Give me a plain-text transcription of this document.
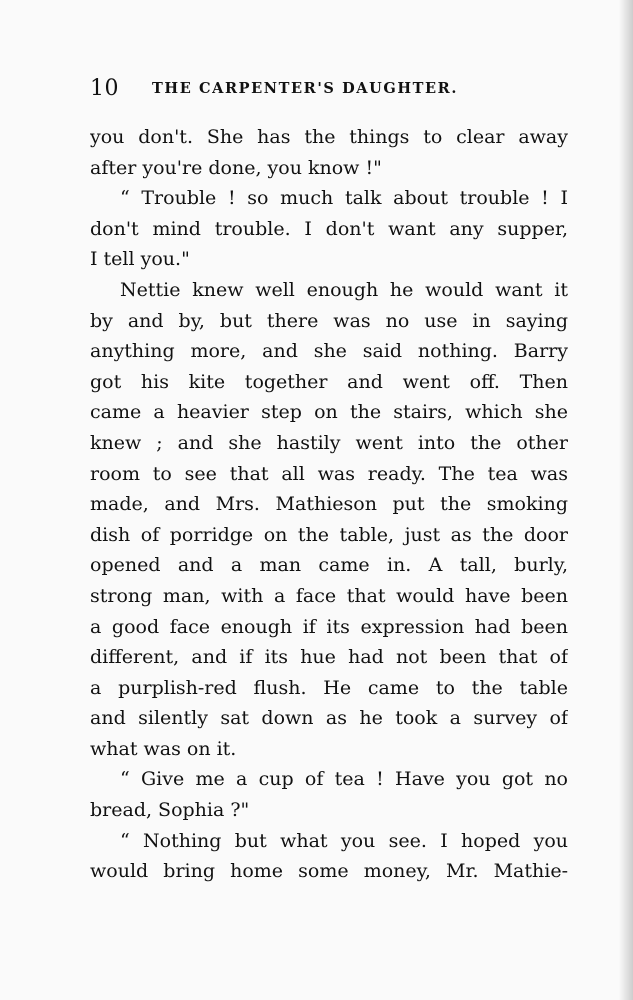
10 THE CARPENTER'S DAUGHTER.
you don't. She has the things to clear away
after you're done, you know !"
“ Trouble ! so much talk about trouble ! I
don't mind trouble. I don't want any supper,
I tell you."
Nettie knew well enough he would want it
by and by, but there was no use in saying
anything more, and she said nothing. Barry
got his kite together and went off. Then
came a heavier step on the stairs, which she
knew ; and she hastily went into the other
room to see that all was ready. The tea was
made, and Mrs. Mathieson put the smoking
dish of porridge on the table, just as the door
opened and a man came in. A tall, burly,
strong man, with a face that would have been
a good face enough if its expression had been
different, and if its hue had not been that of
a purplish-red flush. He came to the table
and silently sat down as he took a survey of
what was on it.
“ Give me a cup of tea ! Have you got no
bread, Sophia ?"
“ Nothing but what you see. I hoped you
would bring home some money, Mr. Mathie-
